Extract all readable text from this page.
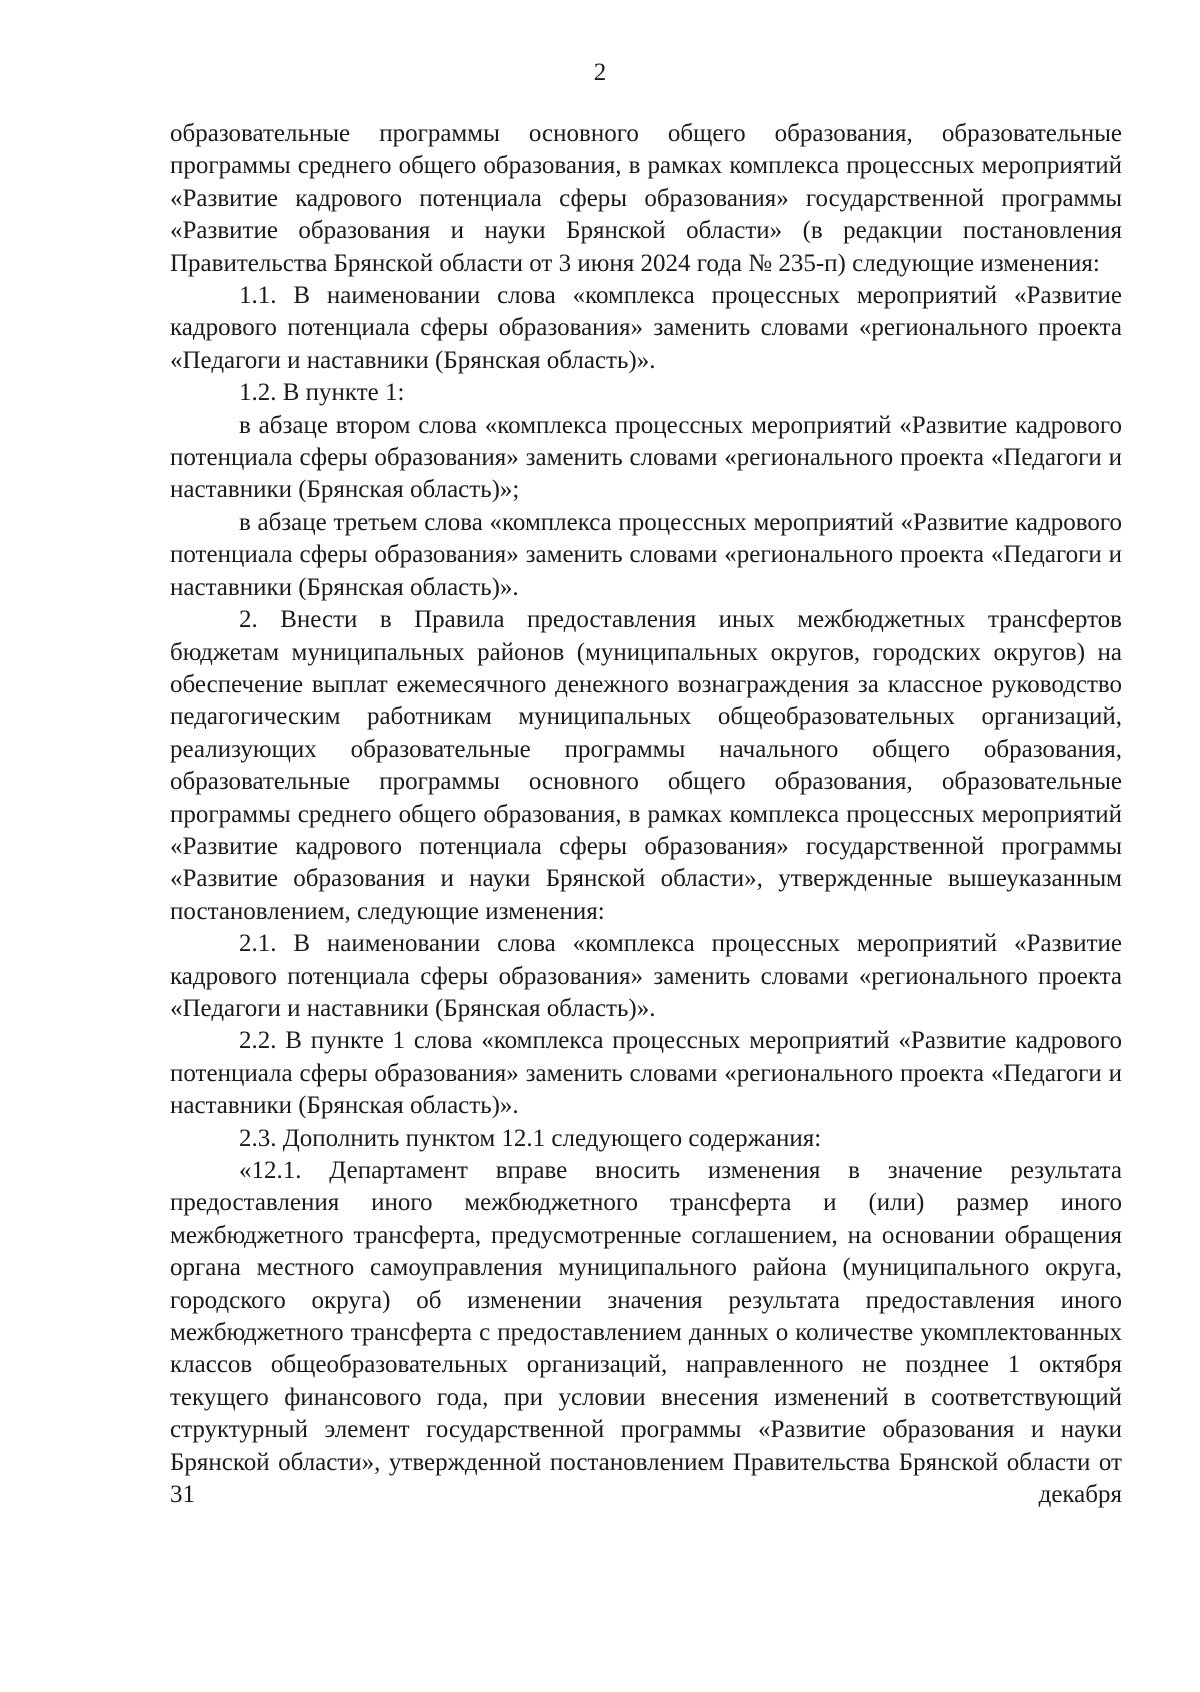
2

образовательные программы основного общего образования, образовательные программы среднего общего образования, в рамках комплекса процессных мероприятий «Развитие кадрового потенциала сферы образования» государственной программы «Развитие образования и науки Брянской области» (в редакции постановления Правительства Брянской области от 3 июня 2024 года № 235-п) следующие изменения:

1.1. В наименовании слова «комплекса процессных мероприятий «Развитие кадрового потенциала сферы образования» заменить словами «регионального проекта «Педагоги и наставники (Брянская область)».

1.2. В пункте 1:

в абзаце втором слова «комплекса процессных мероприятий «Развитие кадрового потенциала сферы образования» заменить словами «регионального проекта «Педагоги и наставники (Брянская область)»;

в абзаце третьем слова «комплекса процессных мероприятий «Развитие кадрового потенциала сферы образования» заменить словами «регионального проекта «Педагоги и наставники (Брянская область)».

2. Внести в Правила предоставления иных межбюджетных трансфертов бюджетам муниципальных районов (муниципальных округов, городских округов) на обеспечение выплат ежемесячного денежного вознаграждения за классное руководство педагогическим работникам муниципальных общеобразовательных организаций, реализующих образовательные программы начального общего образования, образовательные программы основного общего образования, образовательные программы среднего общего образования, в рамках комплекса процессных мероприятий «Развитие кадрового потенциала сферы образования» государственной программы «Развитие образования и науки Брянской области», утвержденные вышеуказанным постановлением, следующие изменения:

2.1. В наименовании слова «комплекса процессных мероприятий «Развитие кадрового потенциала сферы образования» заменить словами «регионального проекта «Педагоги и наставники (Брянская область)».

2.2. В пункте 1 слова «комплекса процессных мероприятий «Развитие кадрового потенциала сферы образования» заменить словами «регионального проекта «Педагоги и наставники (Брянская область)».

2.3. Дополнить пунктом 12.1 следующего содержания:

«12.1. Департамент вправе вносить изменения в значение результата предоставления иного межбюджетного трансферта и (или) размер иного межбюджетного трансферта, предусмотренные соглашением, на основании обращения органа местного самоуправления муниципального района (муниципального округа, городского округа) об изменении значения результата предоставления иного межбюджетного трансферта с предоставлением данных о количестве укомплектованных классов общеобразовательных организаций, направленного не позднее 1 октября текущего финансового года, при условии внесения изменений в соответствующий структурный элемент государственной программы «Развитие образования и науки Брянской области», утвержденной постановлением Правительства Брянской области от 31 декабря
